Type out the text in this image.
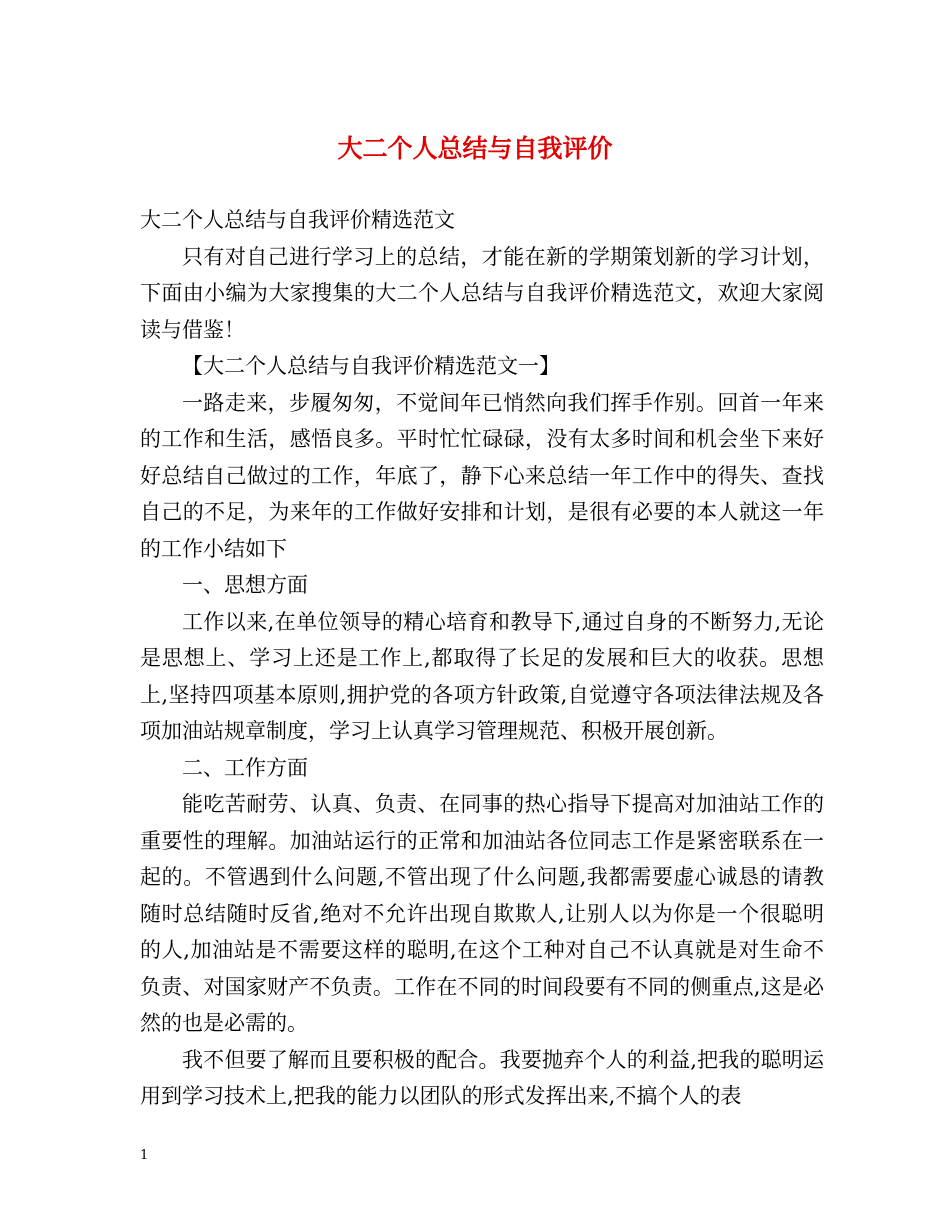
大二个人总结与自我评价

大二个人总结与自我评价精选范文

只有对自己进行学习上的总结，才能在新的学期策划新的学习计划，下面由小编为大家搜集的大二个人总结与自我评价精选范文，欢迎大家阅读与借鉴！

【大二个人总结与自我评价精选范文一】

一路走来，步履匆匆，不觉间年已悄然向我们挥手作别。回首一年来的工作和生活，感悟良多。平时忙忙碌碌，没有太多时间和机会坐下来好好总结自己做过的工作，年底了，静下心来总结一年工作中的得失、查找自己的不足，为来年的工作做好安排和计划，是很有必要的本人就这一年的工作小结如下

一、思想方面

工作以来,在单位领导的精心培育和教导下,通过自身的不断努力,无论是思想上、学习上还是工作上,都取得了长足的发展和巨大的收获。思想上,坚持四项基本原则,拥护党的各项方针政策,自觉遵守各项法律法规及各项加油站规章制度，学习上认真学习管理规范、积极开展创新。

二、工作方面

能吃苦耐劳、认真、负责、在同事的热心指导下提高对加油站工作的重要性的理解。加油站运行的正常和加油站各位同志工作是紧密联系在一起的。不管遇到什么问题,不管出现了什么问题,我都需要虚心诚恳的请教随时总结随时反省,绝对不允许出现自欺欺人,让别人以为你是一个很聪明的人,加油站是不需要这样的聪明,在这个工种对自己不认真就是对生命不负责、对国家财产不负责。工作在不同的时间段要有不同的侧重点,这是必然的也是必需的。

我不但要了解而且要积极的配合。我要抛弃个人的利益,把我的聪明运用到学习技术上,把我的能力以团队的形式发挥出来,不搞个人的表

1
